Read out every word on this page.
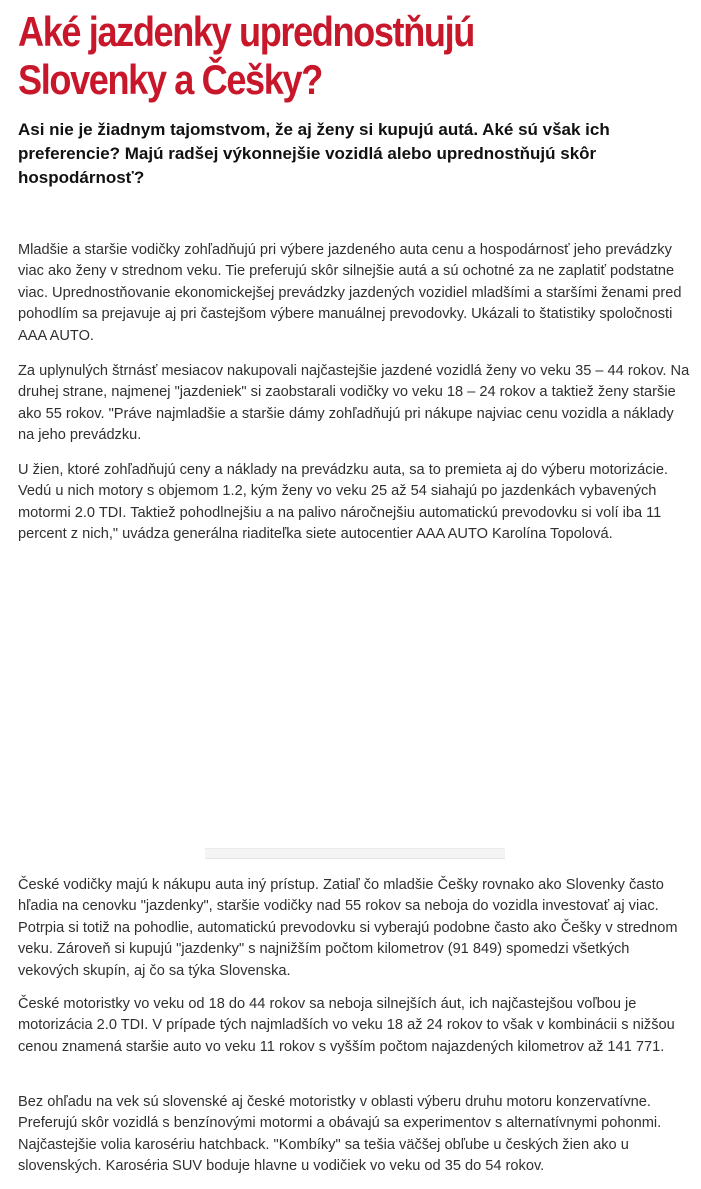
Aké jazdenky uprednostňujú Slovenky a Češky?

Asi nie je žiadnym tajomstvom, že aj ženy si kupujú autá. Aké sú však ich preferencie? Majú radšej výkonnejšie vozidlá alebo uprednostňujú skôr hospodárnosť?

Mladšie a staršie vodičky zohľadňujú pri výbere jazdeného auta cenu a hospodárnosť jeho prevádzky viac ako ženy v strednom veku. Tie preferujú skôr silnejšie autá a sú ochotné za ne zaplatiť podstatne viac. Uprednostňovanie ekonomickejšej prevádzky jazdených vozidiel mladšími a staršími ženami pred pohodlím sa prejavuje aj pri častejšom výbere manuálnej prevodovky. Ukázali to štatistiky spoločnosti AAA AUTO.

Za uplynulých štrnásť mesiacov nakupovali najčastejšie jazdené vozidlá ženy vo veku 35 – 44 rokov. Na druhej strane, najmenej "jazdeniek" si zaobstarali vodičky vo veku 18 – 24 rokov a taktiež ženy staršie ako 55 rokov. "Práve najmladšie a staršie dámy zohľadňujú pri nákupe najviac cenu vozidla a náklady na jeho prevádzku.

U žien, ktoré zohľadňujú ceny a náklady na prevádzku auta, sa to premieta aj do výberu motorizácie. Vedú u nich motory s objemom 1.2, kým ženy vo veku 25 až 54 siahajú po jazdenkách vybavených motormi 2.0 TDI. Taktiež pohodlnejšiu a na palivo náročnejšiu automatickú prevodovku si volí iba 11 percent z nich," uvádza generálna riaditeľka siete autocentier AAA AUTO Karolína Topolová.

České vodičky majú k nákupu auta iný prístup. Zatiaľ čo mladšie Češky rovnako ako Slovenky často hľadia na cenovku "jazdenky", staršie vodičky nad 55 rokov sa neboja do vozidla investovať aj viac. Potrpia si totiž na pohodlie, automatickú prevodovku si vyberajú podobne často ako Češky v strednom veku. Zároveň si kupujú "jazdenky" s najnižším počtom kilometrov (91 849) spomedzi všetkých vekových skupín, aj čo sa týka Slovenska.

České motoristky vo veku od 18 do 44 rokov sa neboja silnejších áut, ich najčastejšou voľbou je motorizácia 2.0 TDI. V prípade tých najmladších vo veku 18 až 24 rokov to však v kombinácii s nižšou cenou znamená staršie auto vo veku 11 rokov s vyšším počtom najazdených kilometrov až 141 771.

Bez ohľadu na vek sú slovenské aj české motoristky v oblasti výberu druhu motoru konzervatívne. Preferujú skôr vozidlá s benzínovými motormi a obávajú sa experimentov s alternatívnymi pohonmi. Najčastejšie volia karosériu hatchback. "Kombíky" sa tešia väčšej obľube u českých žien ako u slovenských. Karoséria SUV boduje hlavne u vodičiek vo veku od 35 do 54 rokov.
